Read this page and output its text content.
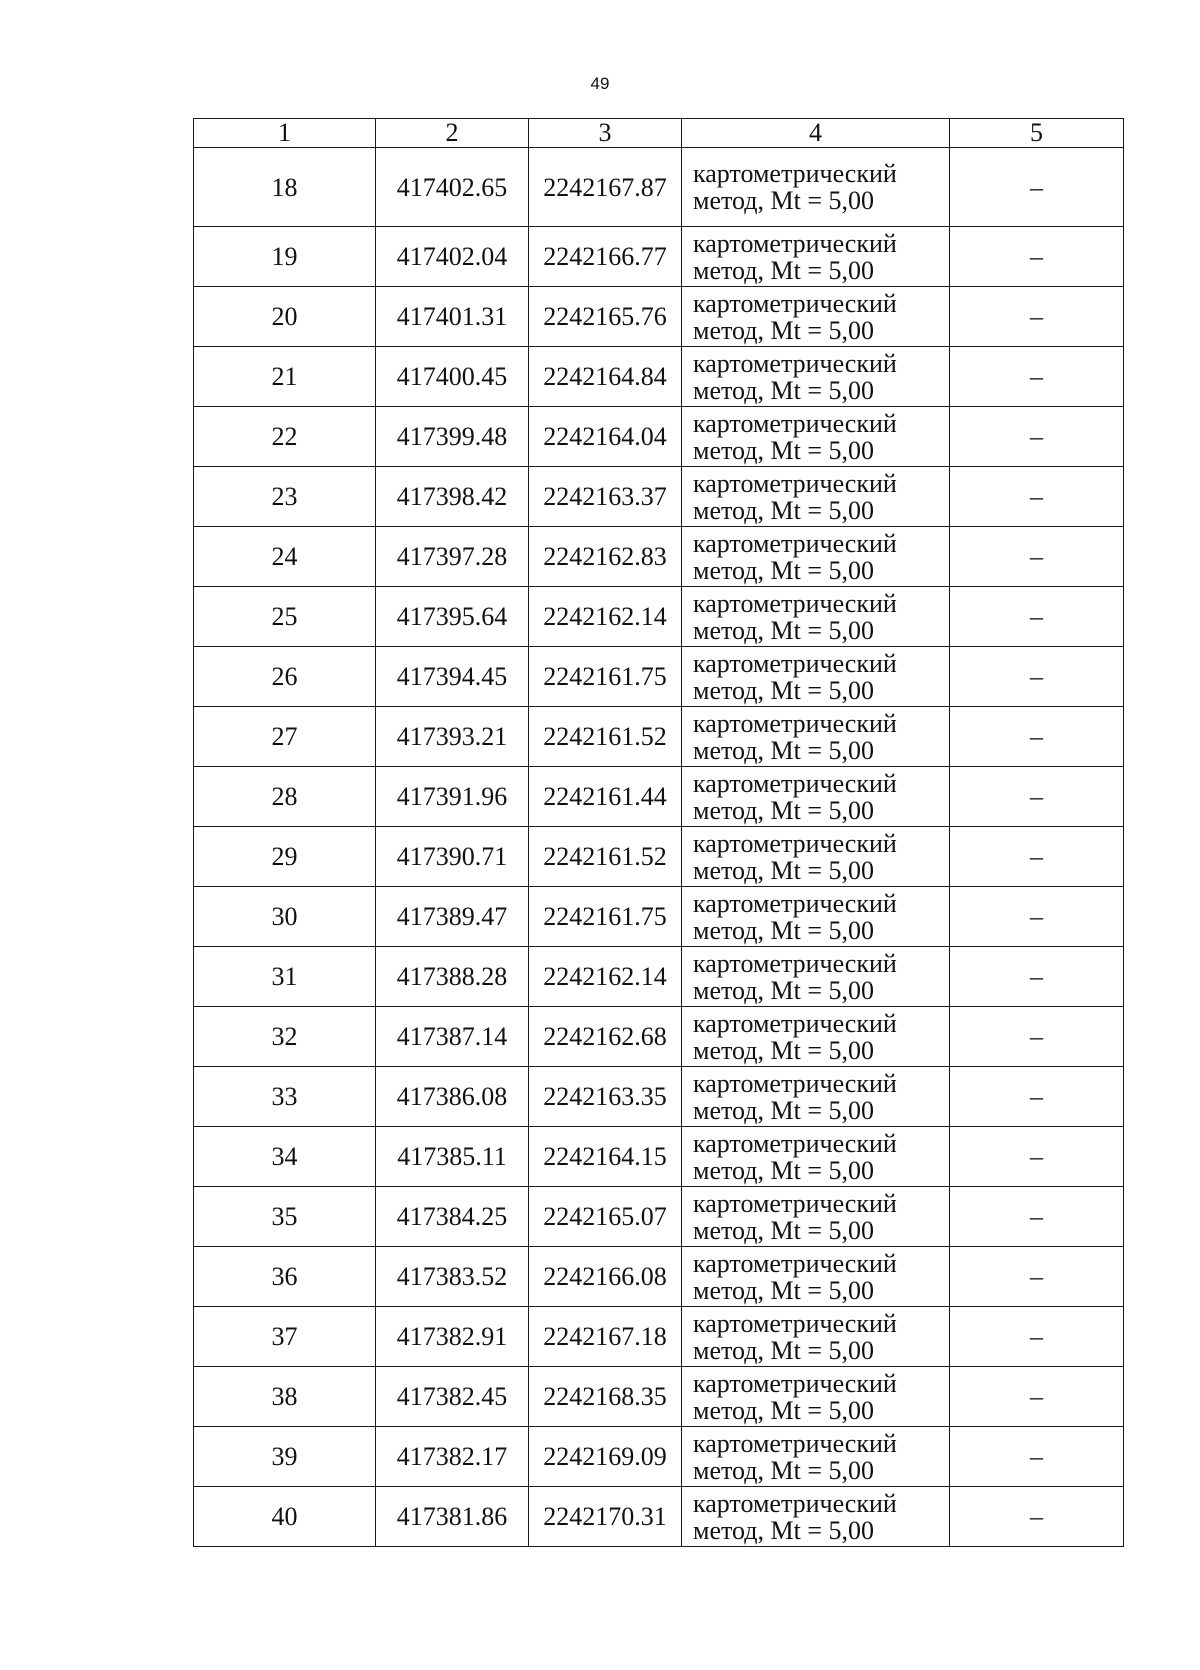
49
1	2	3	4	5
18	417402.65	2242167.87	картометрический
метод, Mt = 5,00	–
19	417402.04	2242166.77	картометрический
метод, Mt = 5,00	–
20	417401.31	2242165.76	картометрический
метод, Mt = 5,00	–
21	417400.45	2242164.84	картометрический
метод, Mt = 5,00	–
22	417399.48	2242164.04	картометрический
метод, Mt = 5,00	–
23	417398.42	2242163.37	картометрический
метод, Mt = 5,00	–
24	417397.28	2242162.83	картометрический
метод, Mt = 5,00	–
25	417395.64	2242162.14	картометрический
метод, Mt = 5,00	–
26	417394.45	2242161.75	картометрический
метод, Mt = 5,00	–
27	417393.21	2242161.52	картометрический
метод, Mt = 5,00	–
28	417391.96	2242161.44	картометрический
метод, Mt = 5,00	–
29	417390.71	2242161.52	картометрический
метод, Mt = 5,00	–
30	417389.47	2242161.75	картометрический
метод, Mt = 5,00	–
31	417388.28	2242162.14	картометрический
метод, Mt = 5,00	–
32	417387.14	2242162.68	картометрический
метод, Mt = 5,00	–
33	417386.08	2242163.35	картометрический
метод, Mt = 5,00	–
34	417385.11	2242164.15	картометрический
метод, Mt = 5,00	–
35	417384.25	2242165.07	картометрический
метод, Mt = 5,00	–
36	417383.52	2242166.08	картометрический
метод, Mt = 5,00	–
37	417382.91	2242167.18	картометрический
метод, Mt = 5,00	–
38	417382.45	2242168.35	картометрический
метод, Mt = 5,00	–
39	417382.17	2242169.09	картометрический
метод, Mt = 5,00	–
40	417381.86	2242170.31	картометрический
метод, Mt = 5,00	–
